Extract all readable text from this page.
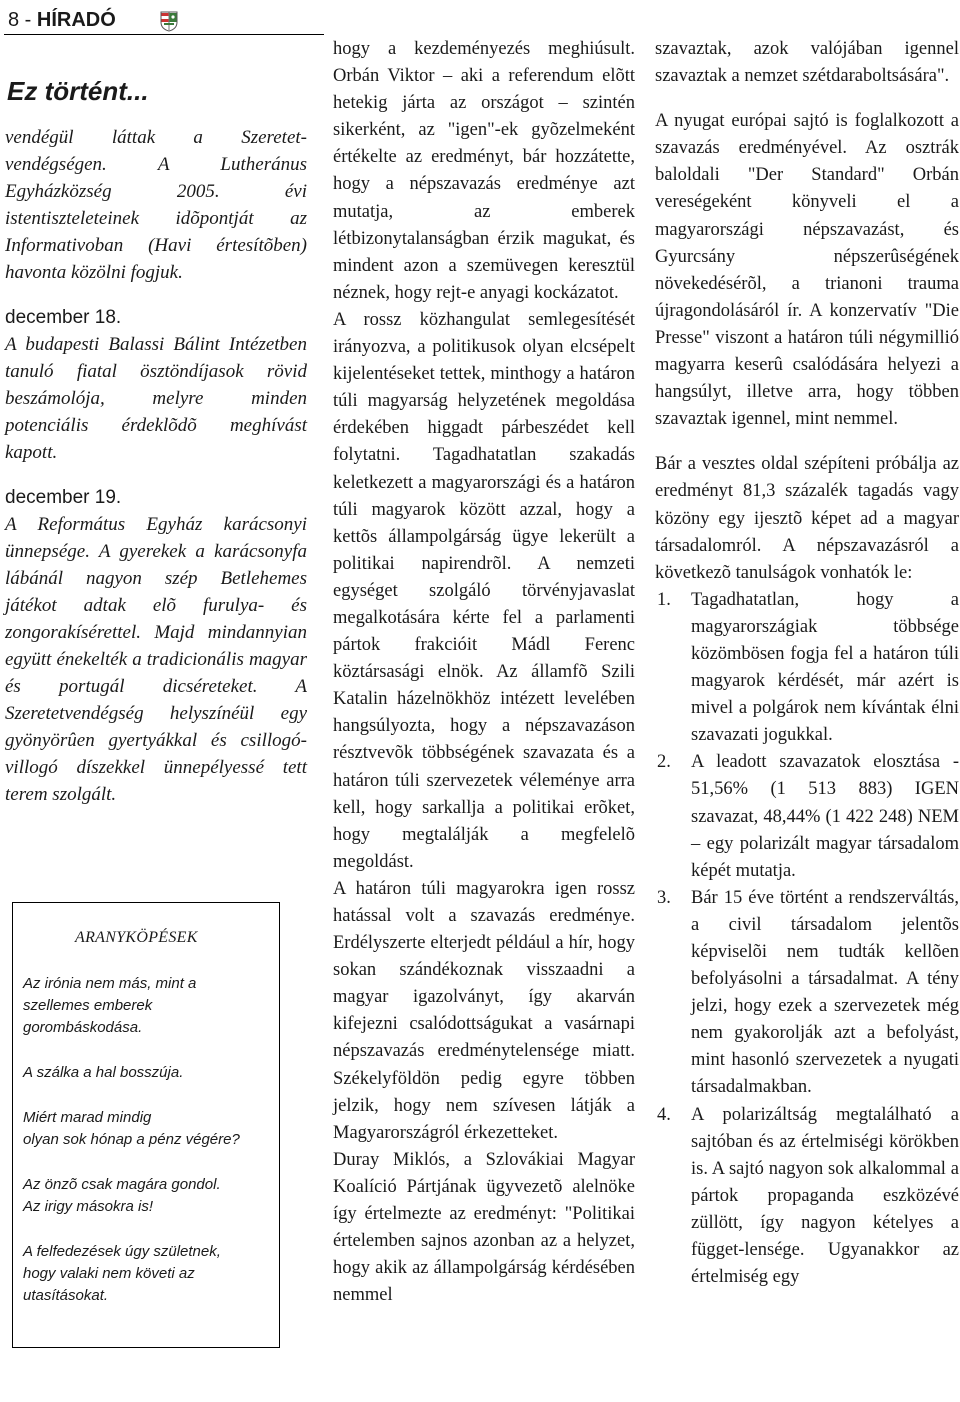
8 - HÍRADÓ
Ez történt...

vendégül láttak a Szeretet-vendégségen. A Lutheránus Egyházközség 2005. évi istentiszteleteinek idõpontját az Informativoban (Havi értesítõben) havonta közölni fogjuk.

december 18.

A budapesti Balassi Bálint Intézetben tanuló fiatal ösztöndíjasok rövid beszámolója, melyre minden potenciális érdeklõdõ meghívást kapott.

december 19.

A Református Egyház karácsonyi ünnepsége. A gyerekek a karácsonyfa lábánál nagyon szép Betlehemes játékot adtak elõ furulya- és zongorakísérettel. Majd mindannyian együtt énekelték a tradicionális magyar és portugál dicséreteket. A Szeretetvendégség helyszínéül egy gyönyörûen gyertyákkal és csillogó-villogó díszekkel ünnepélyessé tett terem szolgált.

ARANYKÖPÉSEK
Az irónia nem más, mint a
szellemes emberek
gorombáskodása.
A szálka a hal bosszúja.
Miért marad mindig
olyan sok hónap a pénz végére?
Az önzõ csak magára gondol.
Az irigy másokra is!
A felfedezések úgy születnek,
hogy valaki nem követi az
utasításokat.

hogy a kezdeményezés meghiúsult. Orbán Viktor – aki a referendum elõtt hetekig járta az országot – szintén sikerként, az "igen"-ek gyõzelmeként értékelte az eredményt, bár hozzátette, hogy a népszavazás eredménye azt mutatja, az emberek létbizonytalanságban érzik magukat, és mindent azon a szemüvegen keresztül néznek, hogy rejt-e anyagi kockázatot.

A rossz közhangulat semlegesítését irányozva, a politikusok olyan elcsépelt kijelentéseket tettek, minthogy a határon túli magyarság helyzetének megoldása érdekében higgadt párbeszédet kell folytatni. Tagadhatatlan szakadás keletkezett a magyarországi és a határon túli magyarok között azzal, hogy a kettõs állampolgárság ügye lekerült a politikai napirendrõl. A nemzeti egységet szolgáló törvényjavaslat megalkotására kérte fel a parlamenti pártok frakcióit Mádl Ferenc köztársasági elnök. Az államfõ Szili Katalin házelnökhöz intézett levelében hangsúlyozta, hogy a népszavazáson résztvevõk többségének szavazata és a határon túli szervezetek véleménye arra kell, hogy sarkallja a politikai erõket, hogy megtalálják a megfelelõ megoldást.

A határon túli magyarokra igen rossz hatással volt a szavazás eredménye. Erdélyszerte elterjedt például a hír, hogy sokan szándékoznak visszaadni a magyar igazolványt, így akarván kifejezni csalódottságukat a vasárnapi népszavazás eredménytelensége miatt. Székelyföldön pedig egyre többen jelzik, hogy nem szívesen látják a Magyarországról érkezetteket.

Duray Miklós, a Szlovákiai Magyar Koalíció Pártjának ügyvezetõ alelnöke így értelmezte az eredményt: "Politikai értelemben sajnos azonban az a helyzet, hogy akik az állampolgárság kérdésében nemmel

szavaztak, azok valójában igennel szavaztak a nemzet szétdaraboltsására".

A nyugat európai sajtó is foglalkozott a szavazás eredményével. Az osztrák baloldali "Der Standard" Orbán vereségeként könyveli el a magyarországi népszavazást, és Gyurcsány népszerûségének növekedésérõl, a trianoni trauma újragondolásáról ír. A konzervatív "Die Presse" viszont a határon túli négymillió magyarra keserû csalódására helyezi a hangsúlyt, illetve arra, hogy többen szavaztak igennel, mint nemmel.

Bár a vesztes oldal szépíteni próbálja az eredményt 81,3 százalék tagadás vagy közöny egy ijesztõ képet ad a magyar társadalomról. A népszavazásról a következõ tanulságok vonhatók le:

1. Tagadhatatlan, hogy a magyarországiak többsége közömbösen fogja fel a határon túli magyarok kérdését, már azért is mivel a polgárok nem kívántak élni szavazati jogukkal.
2. A leadott szavazatok elosztása - 51,56% (1 513 883) IGEN szavazat, 48,44% (1 422 248) NEM – egy polarizált magyar társadalom képét mutatja.
3. Bár 15 éve történt a rendszerváltás, a civil társadalom jelentõs képviselõi nem tudták kellõen befolyásolni a társadalmat. A tény jelzi, hogy ezek a szervezetek még nem gyakorolják azt a befolyást, mint hasonló szervezetek a nyugati társadalmakban.
4. A polarizáltság megtalálható a sajtóban és az értelmiségi körökben is. A sajtó nagyon sok alkalommal a pártok propaganda eszközévé züllött, így nagyon kételyes a függet-lensége. Ugyanakkor az értelmiség egy
